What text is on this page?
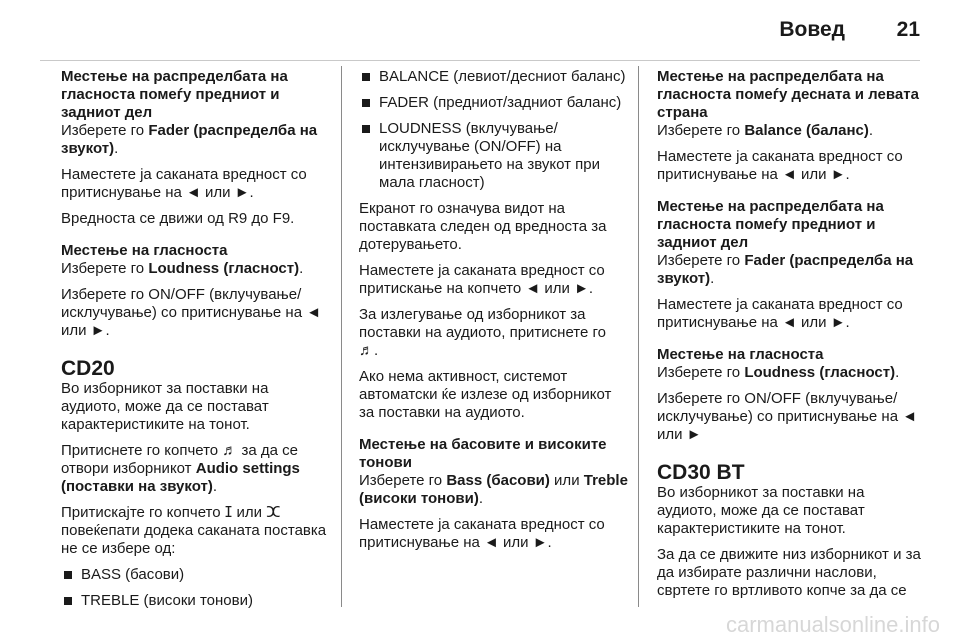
Вовед 21

Местење на распределбата на гласноста помеѓу предниот и задниот дел

Изберете го Fader (распределба на звукот).

Наместете ја саканата вредност со притиснување на ◄ или ►.

Вредноста се движи од R9 до F9.

Местење на гласноста

Изберете го Loudness (гласност).

Изберете го ON/OFF (вклучување/исклучување) со притиснување на ◄ или ►.

CD20

Во изборникот за поставки на аудиото, може да се постават карактеристиките на тонот.

Притиснете го копчето ♬ за да се отвори изборникот Audio settings (поставки на звукот).

Притискајте го копчето ⵊ или ⵋ повеќепати додека саканата поставка не се избере од:

BASS (басови)
TREBLE (високи тонови)
BALANCE (левиот/десниот баланс)
FADER (предниот/задниот баланс)
LOUDNESS (вклучување/исклучување (ON/OFF) на интензивирањето на звукот при мала гласност)

Екранот го означува видот на поставката следен од вредноста за дотерувањето.

Наместете ја саканата вредност со притискање на копчето ◄ или ►.

За излегување од изборникот за поставки на аудиото, притиснете го ♬.

Ако нема активност, системот автоматски ќе излезе од изборникот за поставки на аудиото.

Местење на басовите и високите тонови

Изберете го Bass (басови) или Treble (високи тонови).

Наместете ја саканата вредност со притиснување на ◄ или ►.

Местење на распределбата на гласноста помеѓу десната и левата страна

Изберете го Balance (баланс).

Наместете ја саканата вредност со притиснување на ◄ или ►.

Местење на распределбата на гласноста помеѓу предниот и задниот дел

Изберете го Fader (распределба на звукот).

Наместете ја саканата вредност со притиснување на ◄ или ►.

Местење на гласноста

Изберете го Loudness (гласност).

Изберете го ON/OFF (вклучување/исклучување) со притиснување на ◄ или ►

CD30 BT

Во изборникот за поставки на аудиото, може да се постават карактеристиките на тонот.

За да се движите низ изборникот и за да избирате различни наслови, свртете го вртливото копче за да се

carmanualsonline.info
